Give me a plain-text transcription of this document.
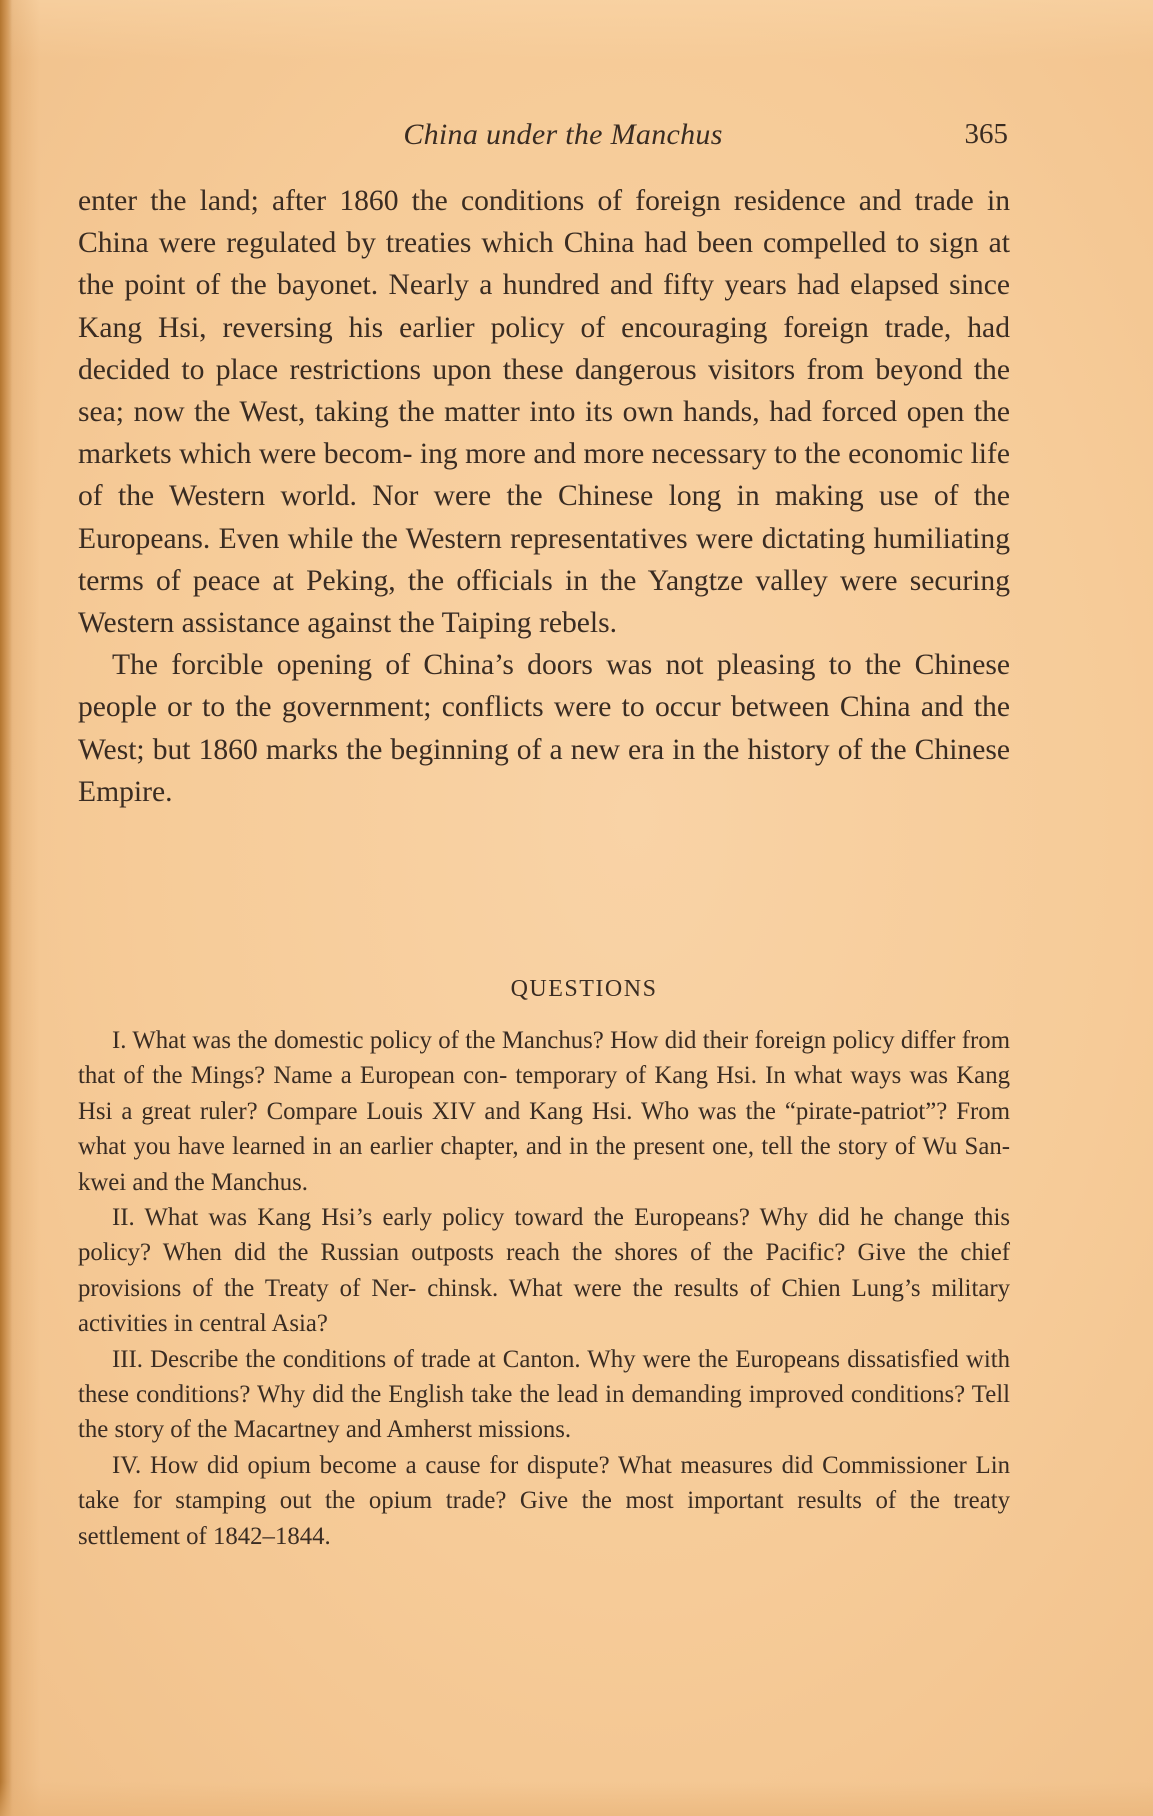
China under the Manchus	365

enter the land; after 1860 the conditions of foreign residence and trade in China were regulated by treaties which China had been compelled to sign at the point of the bayonet. Nearly a hundred and fifty years had elapsed since Kang Hsi, reversing his earlier policy of encouraging foreign trade, had decided to place restrictions upon these dangerous visitors from beyond the sea; now the West, taking the matter into its own hands, had forced open the markets which were becom- ing more and more necessary to the economic life of the Western world. Nor were the Chinese long in making use of the Europeans. Even while the Western representatives were dictating humiliating terms of peace at Peking, the officials in the Yangtze valley were securing Western assistance against the Taiping rebels.

The forcible opening of China’s doors was not pleasing to the Chinese people or to the government; conflicts were to occur between China and the West; but 1860 marks the beginning of a new era in the history of the Chinese Empire.

QUESTIONS

I. What was the domestic policy of the Manchus? How did their foreign policy differ from that of the Mings? Name a European con- temporary of Kang Hsi. In what ways was Kang Hsi a great ruler? Compare Louis XIV and Kang Hsi. Who was the “pirate-patriot”? From what you have learned in an earlier chapter, and in the present one, tell the story of Wu San-kwei and the Manchus.

II. What was Kang Hsi’s early policy toward the Europeans? Why did he change this policy? When did the Russian outposts reach the shores of the Pacific? Give the chief provisions of the Treaty of Ner- chinsk. What were the results of Chien Lung’s military activities in central Asia?

III. Describe the conditions of trade at Canton. Why were the Europeans dissatisfied with these conditions? Why did the English take the lead in demanding improved conditions? Tell the story of the Macartney and Amherst missions.

IV. How did opium become a cause for dispute? What measures did Commissioner Lin take for stamping out the opium trade? Give the most important results of the treaty settlement of 1842–1844.
